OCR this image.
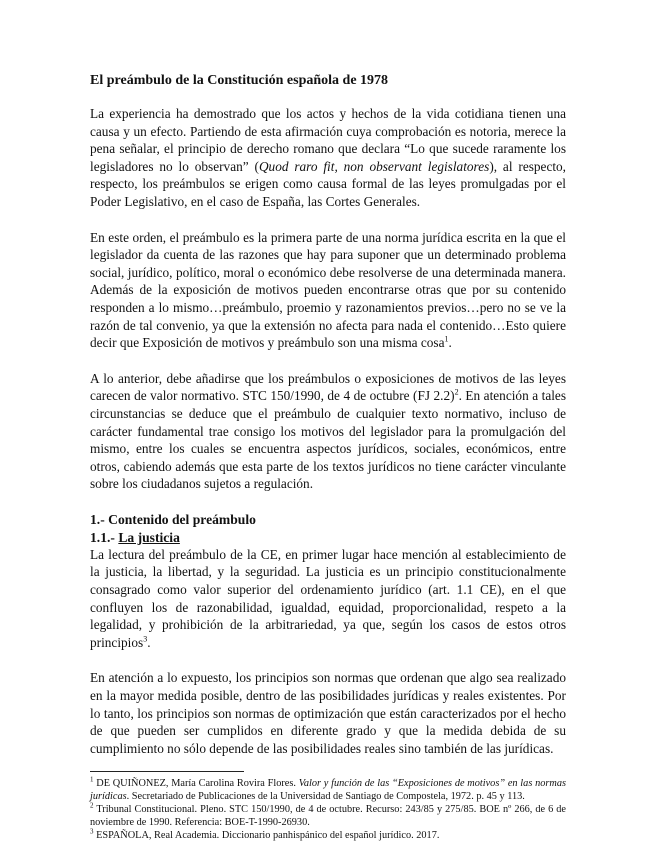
El preámbulo de la Constitución española de 1978

La experiencia ha demostrado que los actos y hechos de la vida cotidiana tienen una causa y un efecto. Partiendo de esta afirmación cuya comprobación es notoria, merece la pena señalar, el principio de derecho romano que declara “Lo que sucede raramente los legisladores no lo observan” (Quod raro fit, non observant legislatores), al respecto, respecto, los preámbulos se erigen como causa formal de las leyes promulgadas por el Poder Legislativo, en el caso de España, las Cortes Generales.

En este orden, el preámbulo es la primera parte de una norma jurídica escrita en la que el legislador da cuenta de las razones que hay para suponer que un determinado problema social, jurídico, político, moral o económico debe resolverse de una determinada manera. Además de la exposición de motivos pueden encontrarse otras que por su contenido responden a lo mismo…preámbulo, proemio y razonamientos previos…pero no se ve la razón de tal convenio, ya que la extensión no afecta para nada el contenido…Esto quiere decir que Exposición de motivos y preámbulo son una misma cosa$^1$.

A lo anterior, debe añadirse que los preámbulos o exposiciones de motivos de las leyes carecen de valor normativo. STC 150/1990, de 4 de octubre (FJ 2.2)$^2$. En atención a tales circunstancias se deduce que el preámbulo de cualquier texto normativo, incluso de carácter fundamental trae consigo los motivos del legislador para la promulgación del mismo, entre los cuales se encuentra aspectos jurídicos, sociales, económicos, entre otros, cabiendo además que esta parte de los textos jurídicos no tiene carácter vinculante sobre los ciudadanos sujetos a regulación.

1.- Contenido del preámbulo
1.1.- La justicia

La lectura del preámbulo de la CE, en primer lugar hace mención al establecimiento de la justicia, la libertad, y la seguridad. La justicia es un principio constitucionalmente consagrado como valor superior del ordenamiento jurídico (art. 1.1 CE), en el que confluyen los de razonabilidad, igualdad, equidad, proporcionalidad, respeto a la legalidad, y prohibición de la arbitrariedad, ya que, según los casos de estos otros principios$^3$.

En atención a lo expuesto, los principios son normas que ordenan que algo sea realizado en la mayor medida posible, dentro de las posibilidades jurídicas y reales existentes. Por lo tanto, los principios son normas de optimización que están caracterizados por el hecho de que pueden ser cumplidos en diferente grado y que la medida debida de su cumplimiento no sólo depende de las posibilidades reales sino también de las jurídicas.

$^1$ DE QUIÑONEZ, María Carolina Rovira Flores. Valor y función de las “Exposiciones de motivos” en las normas jurídicas. Secretariado de Publicaciones de la Universidad de Santiago de Compostela, 1972. p. 45 y 113.

$^2$ Tribunal Constitucional. Pleno. STC 150/1990, de 4 de octubre. Recurso: 243/85 y 275/85. BOE nº 266, de 6 de noviembre de 1990. Referencia: BOE-T-1990-26930.

$^3$ ESPAÑOLA, Real Academia. Diccionario panhispánico del español jurídico. 2017.
